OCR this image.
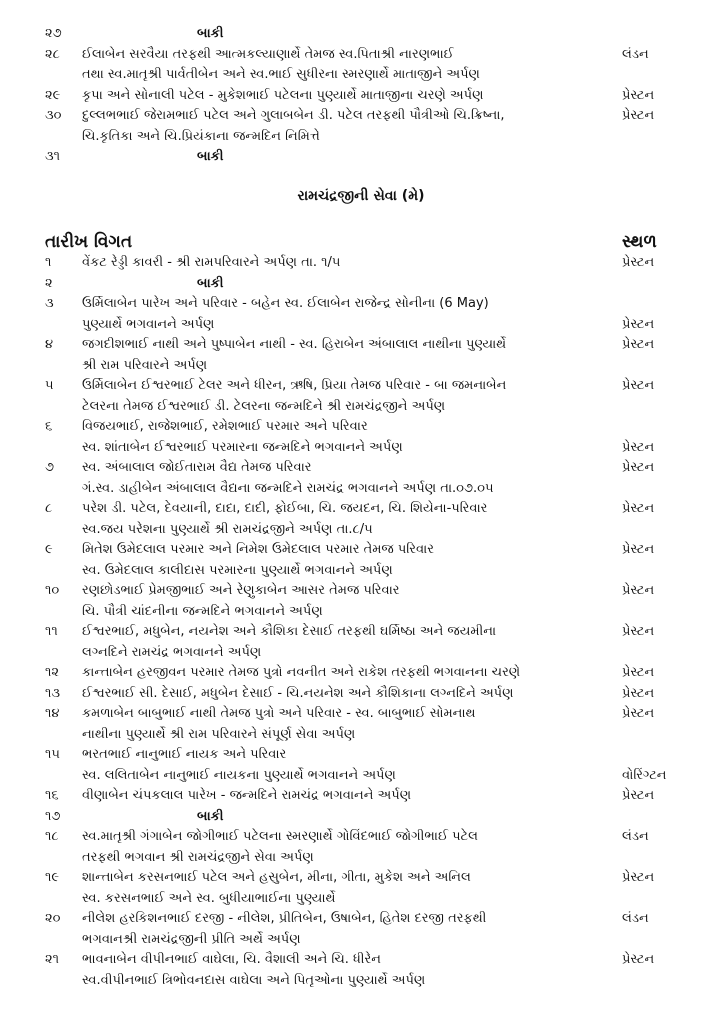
૨૭	બાકી
૨૮	ઈલાબેન સરવૈયા તરફથી આત્મકલ્યાણાર્થે તેમજ સ્વ.પિતાશ્રી નારણભાઈ	લંડન
તથા સ્વ.માતૃશ્રી પાર્વતીબેન અને સ્વ.ભાઈ સુધીરના સ્મરણાર્થે માતાજીને અર્પણ
૨૯	કૃપા અને સોનાલી પટેલ - મુકેશભાઈ પટેલના પુણ્યાર્થે માતાજીના ચરણે અર્પણ	પ્રેસ્ટન
૩૦	દુલ્લભભાઈ જેરામભાઈ પટેલ અને ગુલાબબેન ડી. પટેલ તરફથી પૌત્રીઓ ચિ.ક્રિષ્ના,	પ્રેસ્ટન
ચિ.કૃતિકા અને ચિ.પ્રિયંકાના જન્મદિન નિમિત્તે
૩૧	બાકી
રામચંદ્રજીની સેવા (મે)
તારીખ વિગત	સ્થળ
૧	વેંકટ રેડ્ડી કાવરી - શ્રી રામપરિવારને અર્પણ તા. ૧/૫	પ્રેસ્ટન
૨	બાકી
૩	ઉર્મિલાબેન પારેખ અને પરિવાર - બહેન સ્વ. ઈલાબેન રાજેન્દ્ર સોનીના (6 May)
પુણ્યાર્થે ભગવાનને અર્પણ	પ્રેસ્ટન
૪	જગદીશભાઈ નાથી અને પુષ્પાબેન નાથી - સ્વ. હિરાબેન અંબાલાલ નાથીના પુણ્યાર્થે	પ્રેસ્ટન
શ્રી રામ પરિવારને અર્પણ
૫	ઉર્મિલાબેન ઈશ્વરભાઈ ટેલર અને ધીરન, ઋષિ, પ્રિયા તેમજ પરિવાર - બા જમનાબેન	પ્રેસ્ટન
ટેલરના તેમજ ઈશ્વરભાઈ ડી. ટેલરના જન્મદિને શ્રી રામચંદ્રજીને અર્પણ
૬	વિજયભાઈ, રાજેશભાઈ, રમેશભાઈ પરમાર અને પરિવાર
સ્વ. શાંતાબેન ઈશ્વરભાઈ પરમારના જન્મદિને ભગવાનને અર્પણ	પ્રેસ્ટન
૭	સ્વ. અંબાલાલ જોઈતારામ વૈદ્ય તેમજ પરિવાર	પ્રેસ્ટન
ગં.સ્વ. ડાહીબેન અંબાલાલ વૈદ્યના જન્મદિને રામચંદ્ર ભગવાનને અર્પણ તા.૦૭.૦૫
૮	પરેશ ડી. પટેલ, દેવયાની, દાદા, દાદી, ફોઈબા, ચિ. જયદન, ચિ. શિયેના-પરિવાર	પ્રેસ્ટન
સ્વ.જય પરેશના પુણ્યાર્થે શ્રી રામચંદ્રજીને અર્પણ તા.૮/૫
૯	મિતેશ ઉમેદલાલ પરમાર અને નિમેશ ઉમેદલાલ પરમાર તેમજ પરિવાર	પ્રેસ્ટન
સ્વ. ઉમેદલાલ કાલીદાસ પરમારના પુણ્યાર્થે ભગવાનને અર્પણ
૧૦	રણછોડભાઈ પ્રેમજીભાઈ અને રેણુકાબેન આસર તેમજ પરિવાર	પ્રેસ્ટન
ચિ. પૌત્રી ચાંદનીના જન્મદિને ભગવાનને અર્પણ
૧૧	ઈશ્વરભાઈ, મધુબેન, નયનેશ અને કૌશિકા દેસાઈ તરફથી ઘર્મિષ્ઠા અને જયમીના	પ્રેસ્ટન
લગ્નદિને રામચંદ્ર ભગવાનને અર્પણ
૧૨	કાન્તાબેન હરજીવન પરમાર તેમજ પુત્રો નવનીત અને રાકેશ તરફથી ભગવાનના ચરણે	પ્રેસ્ટન
૧૩	ઈશ્વરભાઈ સી. દેસાઈ, મધુબેન દેસાઈ - ચિ.નયનેશ અને કૌશિકાના લગ્નદિને અર્પણ	પ્રેસ્ટન
૧૪	કમળાબેન બાબુભાઈ નાથી તેમજ પુત્રો અને પરિવાર - સ્વ. બાબુભાઈ સોમનાથ	પ્રેસ્ટન
નાથીના પુણ્યાર્થે શ્રી રામ પરિવારને સંપૂર્ણ સેવા અર્પણ
૧૫	ભરતભાઈ નાનુભાઈ નાયક અને પરિવાર
સ્વ. લલિતાબેન નાનુભાઈ નાયકના પુણ્યાર્થે ભગવાનને અર્પણ	વોરિંગ્ટન
૧૬	વીણાબેન ચંપકલાલ પારેખ - જન્મદિને રામચંદ્ર ભગવાનને અર્પણ	પ્રેસ્ટન
૧૭	બાકી
૧૮	સ્વ.માતૃશ્રી ગંગાબેન જોગીભાઈ પટેલના સ્મરણાર્થે ગોવિંદભાઈ જોગીભાઈ પટેલ	લંડન
તરફથી ભગવાન શ્રી રામચંદ્રજીને સેવા અર્પણ
૧૯	શાન્તાબેન કરસનભાઈ પટેલ અને હસુબેન, મીના, ગીતા, મુકેશ અને અનિલ	પ્રેસ્ટન
સ્વ. કરસનભાઈ અને સ્વ. બુધીયાભાઈના પુણ્યાર્થે
૨૦	નીલેશ હરકિશનભાઈ દરજી - નીલેશ, પ્રીતિબેન, ઉષાબેન, હિતેશ દરજી તરફથી	લંડન
ભગવાનશ્રી રામચંદ્રજીની પ્રીતિ અર્થે અર્પણ
૨૧	ભાવનાબેન વીપીનભાઈ વાઘેલા, ચિ. વૈશાલી અને ચિ. ધીરેન	પ્રેસ્ટન
સ્વ.વીપીનભાઈ ત્રિભોવનદાસ વાઘેલા અને પિતૃઓના પુણ્યાર્થે અર્પણ
